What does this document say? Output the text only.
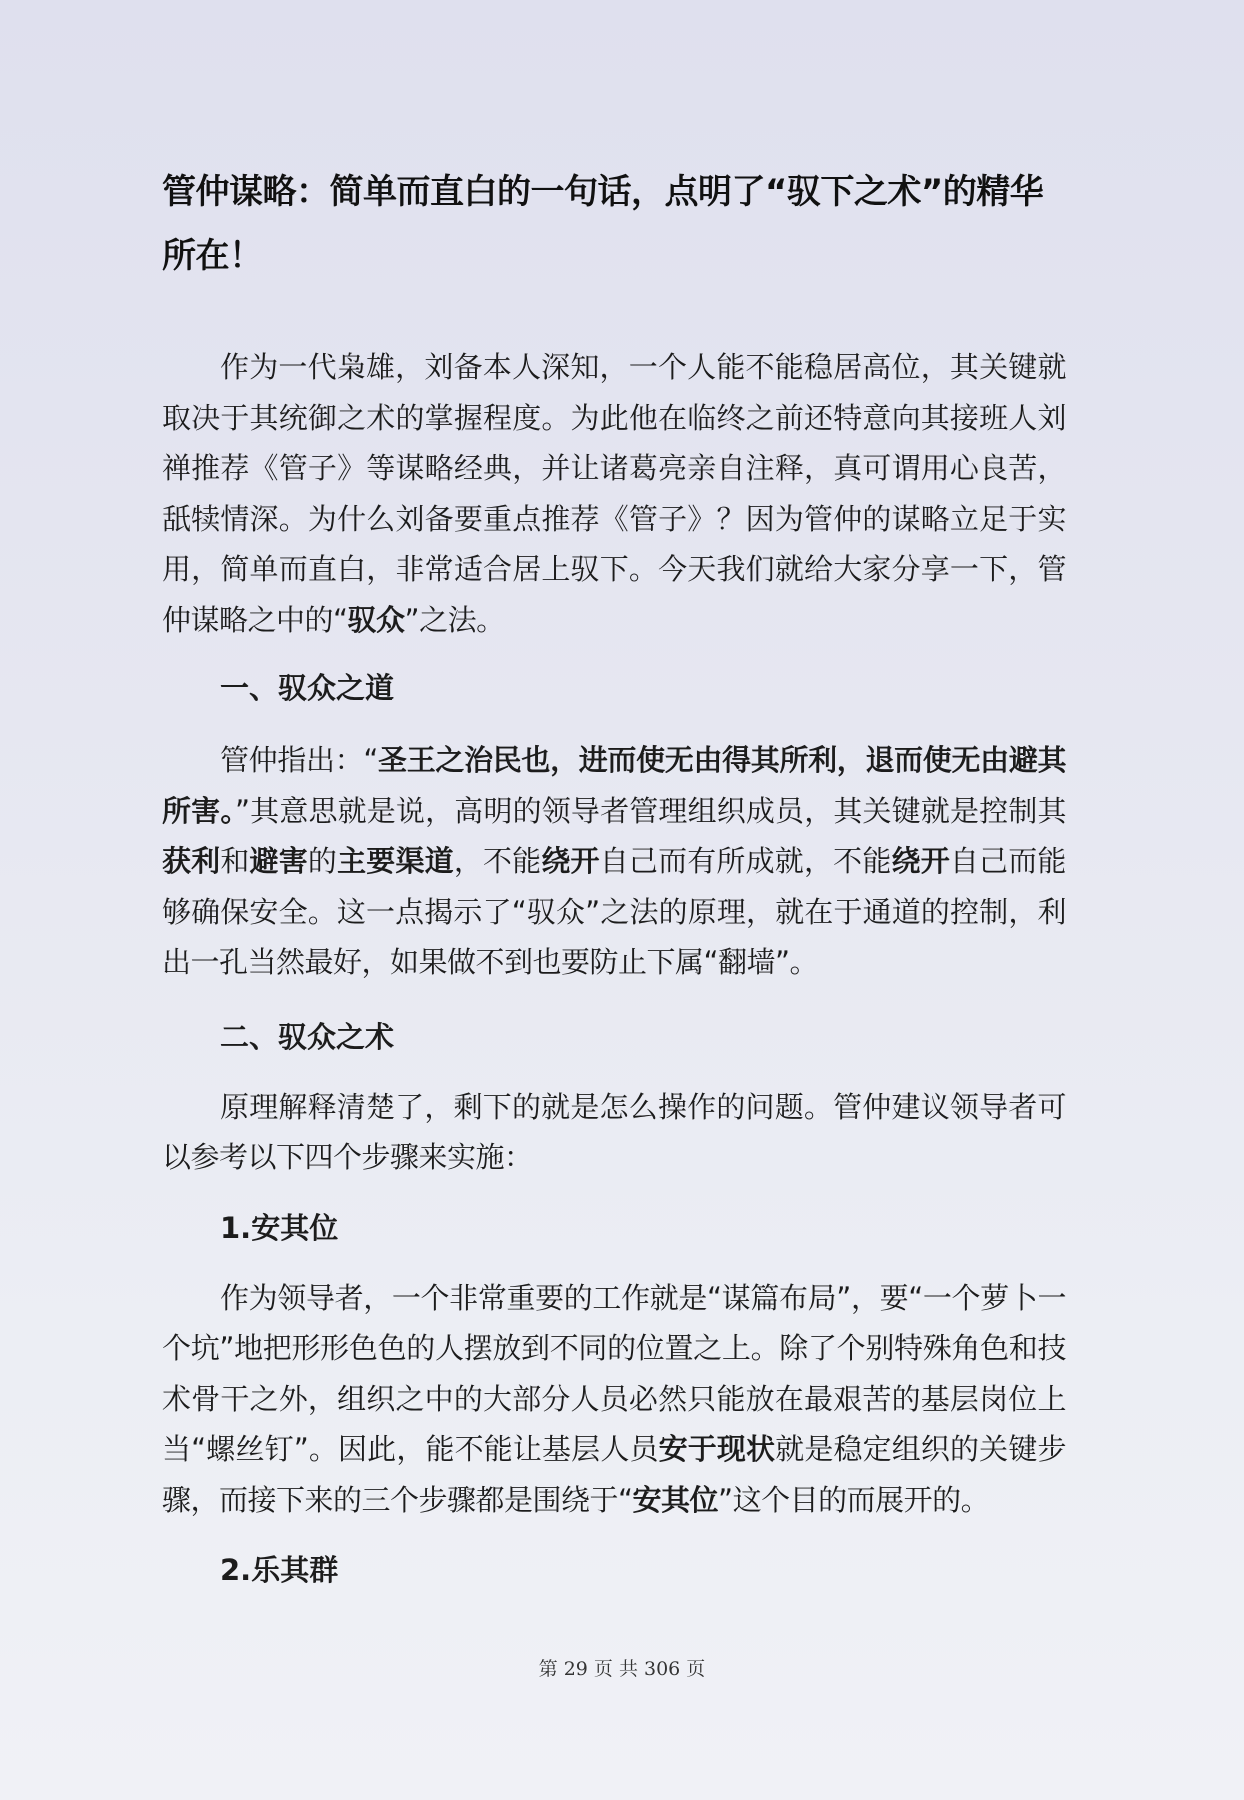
管仲谋略：简单而直白的一句话，点明了“驭下之术”的精华所在！

作为一代枭雄，刘备本人深知，一个人能不能稳居高位，其关键就取决于其统御之术的掌握程度。为此他在临终之前还特意向其接班人刘禅推荐《管子》等谋略经典，并让诸葛亮亲自注释，真可谓用心良苦，舐犊情深。为什么刘备要重点推荐《管子》？因为管仲的谋略立足于实用，简单而直白，非常适合居上驭下。今天我们就给大家分享一下，管仲谋略之中的“驭众”之法。

一、驭众之道

管仲指出：“圣王之治民也，进而使无由得其所利，退而使无由避其所害。”其意思就是说，高明的领导者管理组织成员，其关键就是控制其获利和避害的主要渠道，不能绕开自己而有所成就，不能绕开自己而能够确保安全。这一点揭示了“驭众”之法的原理，就在于通道的控制，利出一孔当然最好，如果做不到也要防止下属“翻墙”。

二、驭众之术

原理解释清楚了，剩下的就是怎么操作的问题。管仲建议领导者可以参考以下四个步骤来实施：

1.安其位

作为领导者，一个非常重要的工作就是“谋篇布局”，要“一个萝卜一个坑”地把形形色色的人摆放到不同的位置之上。除了个别特殊角色和技术骨干之外，组织之中的大部分人员必然只能放在最艰苦的基层岗位上当“螺丝钉”。因此，能不能让基层人员安于现状就是稳定组织的关键步骤，而接下来的三个步骤都是围绕于“安其位”这个目的而展开的。

2.乐其群

第 29 页 共 306 页
